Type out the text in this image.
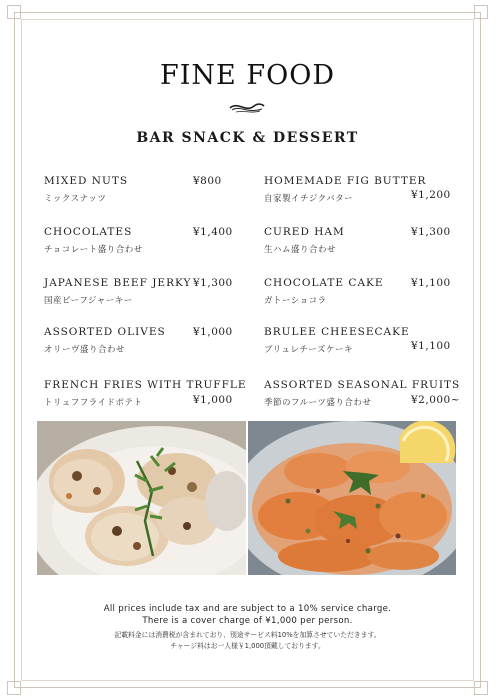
FINE FOOD
BAR SNACK & DESSERT
MIXED NUTS
ミックスナッツ
¥800
CHOCOLATES
チョコレート盛り合わせ
¥1,400
JAPANESE BEEF JERKY
国産ビーフジャーキー
¥1,300
ASSORTED OLIVES
オリーヴ盛り合わせ
¥1,000
FRENCH FRIES WITH TRUFFLE
トリュフフライドポテト	¥1,000
HOMEMADE FIG BUTTER
自家製イチジクバター	¥1,200
CURED HAM
生ハム盛り合わせ
¥1,300
CHOCOLATE CAKE
ガトーショコラ
¥1,100
BRULEE CHEESECAKE
ブリュレチーズケーキ	¥1,100
ASSORTED SEASONAL FRUITS
季節のフルーツ盛り合わせ	¥2,000~
All prices include tax and are subject to a 10% service charge.
There is a cover charge of ¥1,000 per person.
記載料金には消費税が含まれており、別途サービス料10%を加算させていただきます。
チャージ料はお一人様￥1,000頂戴しております。
